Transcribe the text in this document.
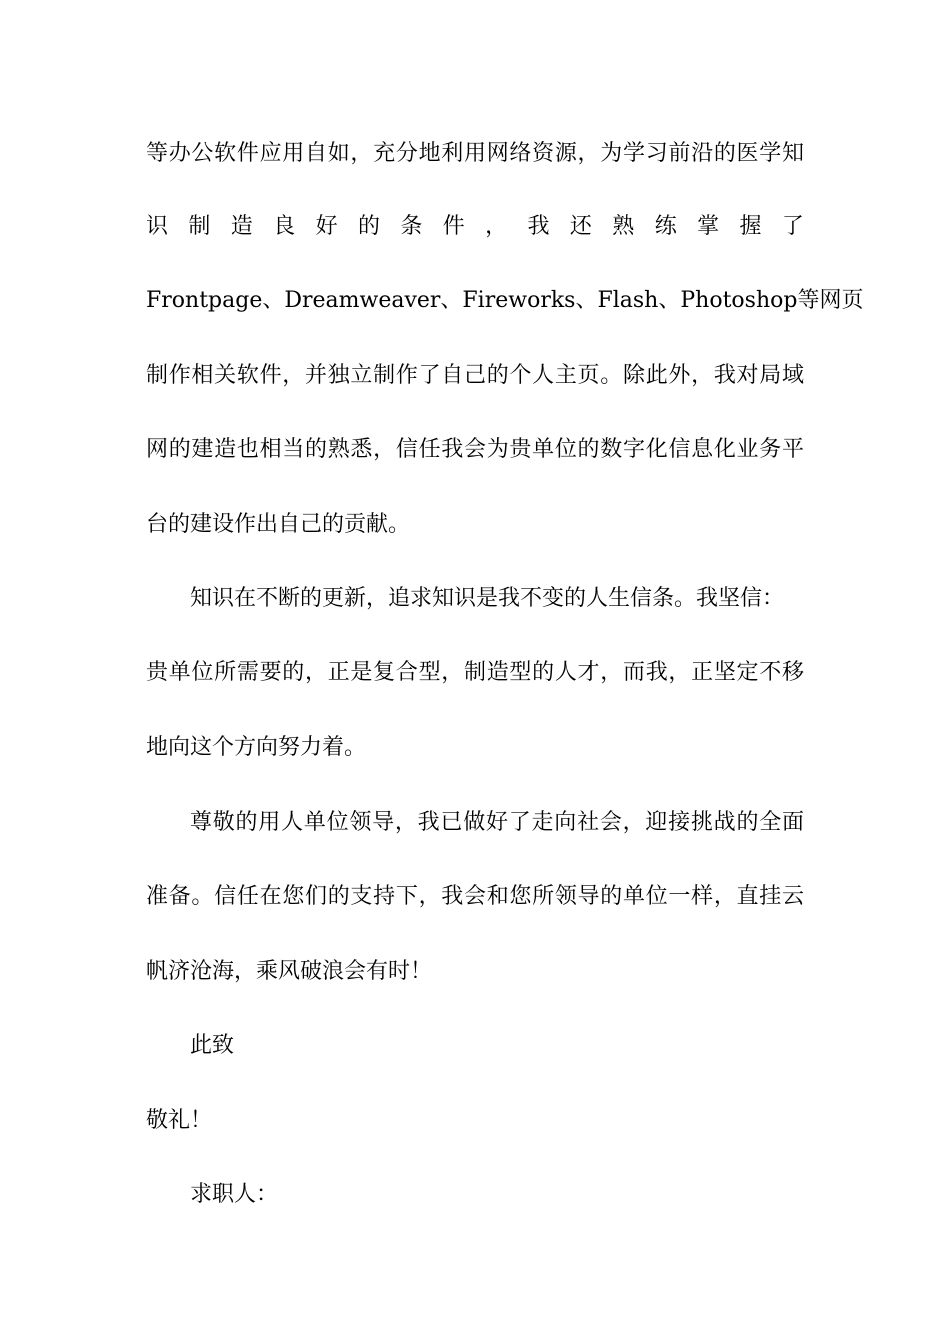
等办公软件应用自如，充分地利用网络资源，为学习前沿的医学知
识 制 造 良 好 的 条 件 ， 我 还 熟 练 掌 握 了
Frontpage、Dreamweaver、Fireworks、Flash、Photoshop等网页
制作相关软件，并独立制作了自己的个人主页。除此外，我对局域
网的建造也相当的熟悉，信任我会为贵单位的数字化信息化业务平
台的建设作出自己的贡献。
知识在不断的更新，追求知识是我不变的人生信条。我坚信：
贵单位所需要的，正是复合型，制造型的人才，而我，正坚定不移
地向这个方向努力着。
尊敬的用人单位领导，我已做好了走向社会，迎接挑战的全面
准备。信任在您们的支持下，我会和您所领导的单位一样，直挂云
帆济沧海，乘风破浪会有时！
此致
敬礼！
求职人：
